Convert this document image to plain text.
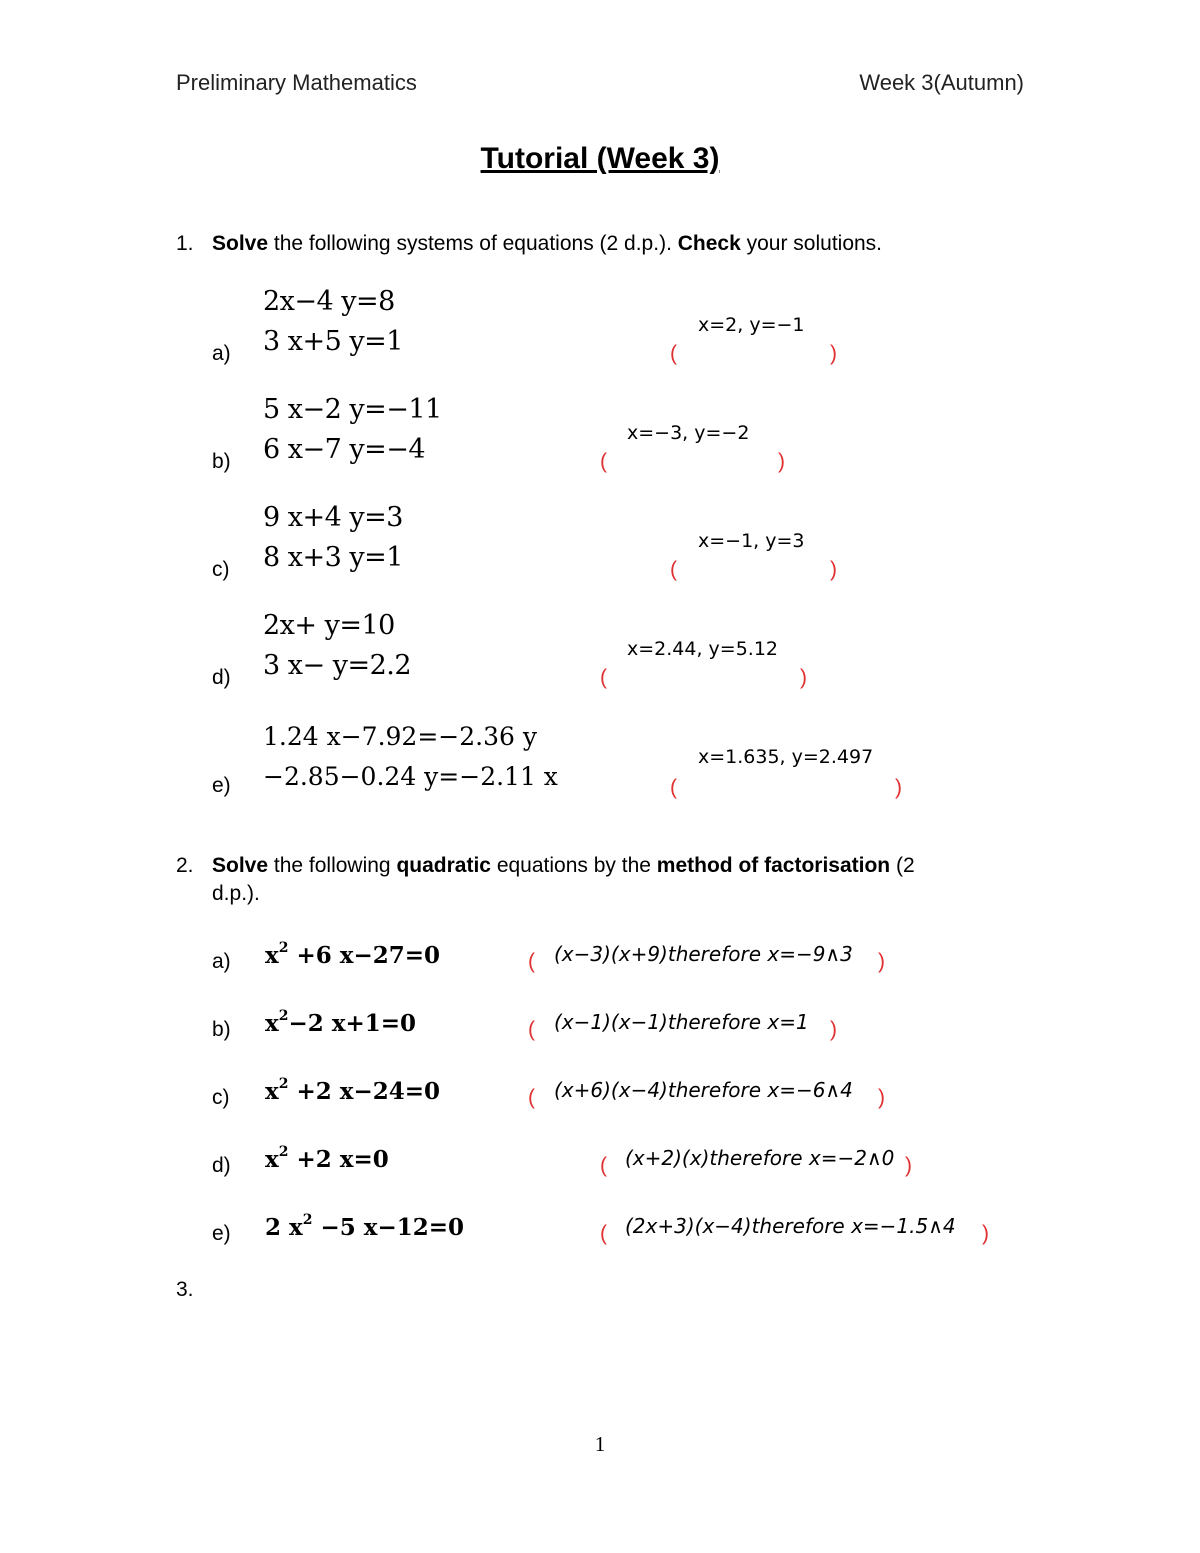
Preliminary Mathematics	Week 3(Autumn)
Tutorial (Week 3)
1. Solve the following systems of equations (2 d.p.). Check your solutions.
2x−4 y=8
3 x+5 y=1
a)
x=2, y=−1
(	)
5 x−2 y=−11
6 x−7 y=−4
b)
x=−3, y=−2
(	)
9 x+4 y=3
8 x+3 y=1
c)
x=−1, y=3
(	)
2x+ y=10
3 x− y=2.2
d)
x=2.44, y=5.12
(	)
1.24 x−7.92=−2.36 y
−2.85−0.24 y=−2.11 x
e)
x=1.635, y=2.497
(	)
2. Solve the following quadratic equations by the method of factorisation (2
d.p.).
a) $x^2 +6$ x−27=0	( (x−3)(x+9)therefore x=−9∧3 )
b) $x^2-2$ x+1=0	( (x−1)(x−1)therefore x=1 )
c) $x^2 +2$ x−24=0	( (x+6)(x−4)therefore x=−6∧4 )
d) $x^2 +2$ x=0	( (x+2)(x)therefore x=−2∧0 )
e) 2 $x^2 -5$ x−12=0	( (2x+3)(x−4)therefore x=−1.5∧4 )
3.
1
